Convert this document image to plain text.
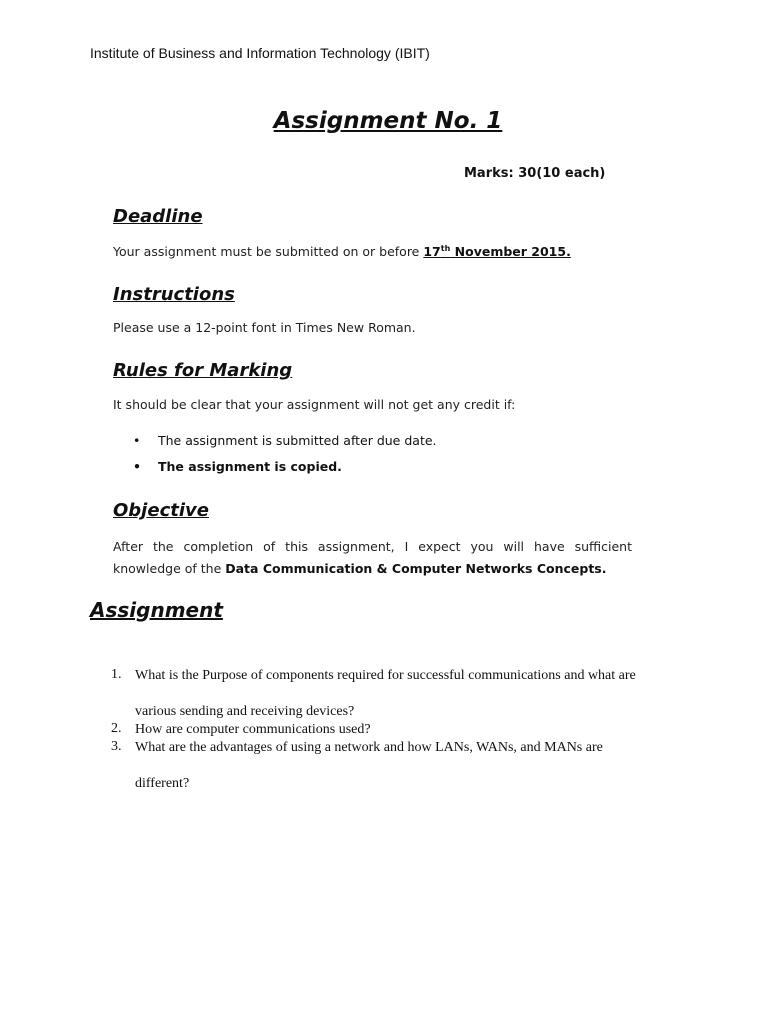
Institute of Business and Information Technology (IBIT)
Assignment No. 1
Marks: 30(10 each)
Deadline
Your assignment must be submitted on or before 17th November 2015.
Instructions
Please use a 12-point font in Times New Roman.
Rules for Marking
It should be clear that your assignment will not get any credit if:
• The assignment is submitted after due date.
• The assignment is copied.
Objective
After the completion of this assignment, I expect you will have sufficient knowledge of the Data Communication & Computer Networks Concepts.
Assignment
1. What is the Purpose of components required for successful communications and what are
various sending and receiving devices?
2. How are computer communications used?
3. What are the advantages of using a network and how LANs, WANs, and MANs are
different?
